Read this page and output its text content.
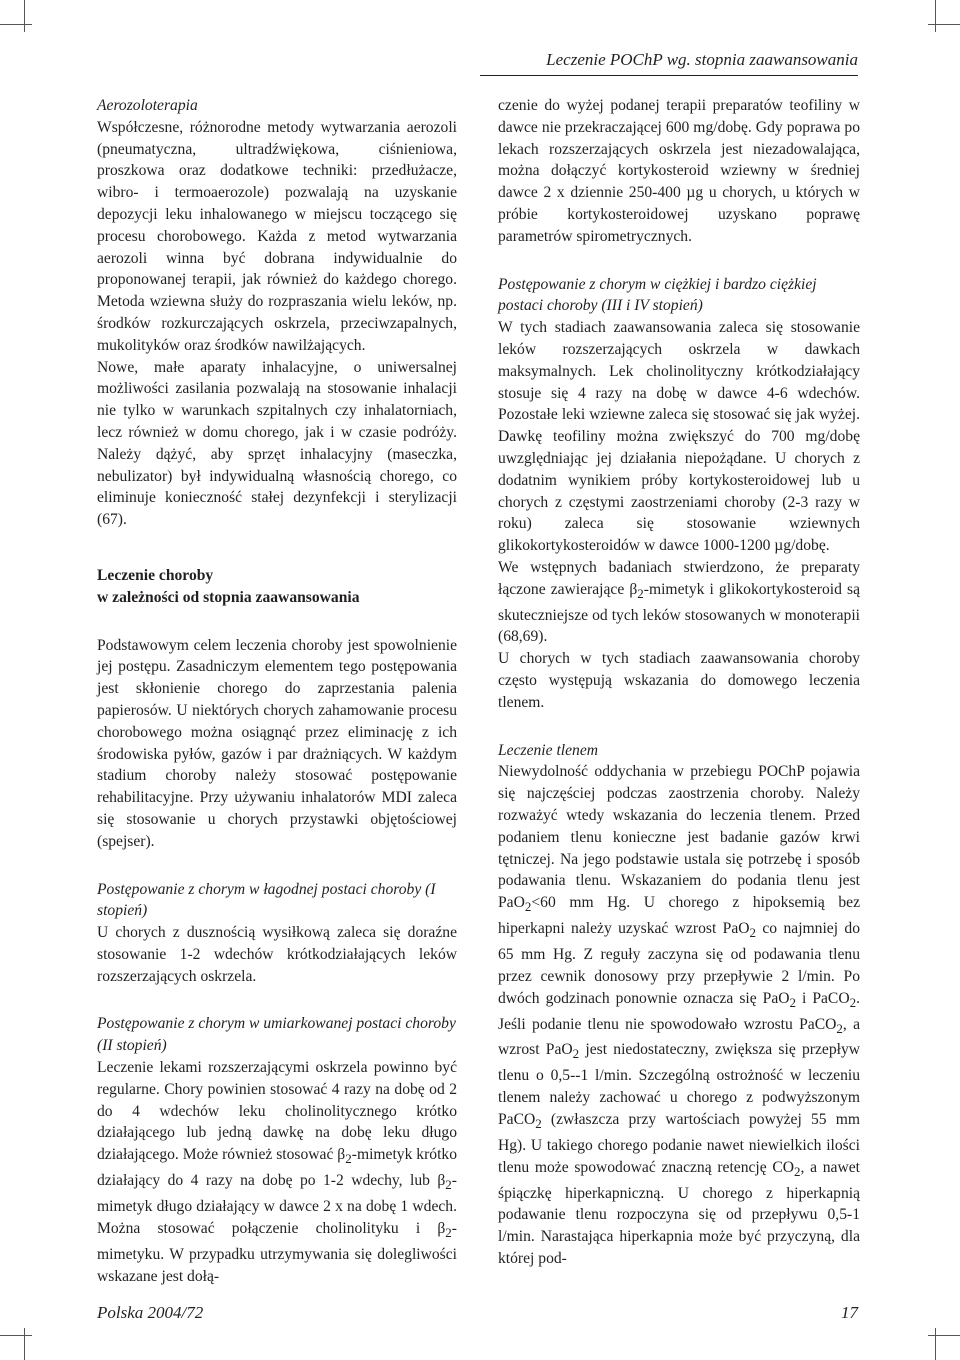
Leczenie POChP wg. stopnia zaawansowania
Aerozoloterapia

Współczesne, różnorodne metody wytwarzania aerozoli (pneumatyczna, ultradźwiękowa, ciśnieniowa, proszkowa oraz dodatkowe techniki: przedłużacze, wibro- i termoaerozole) pozwalają na uzyskanie depozycji leku inhalowanego w miejscu toczącego się procesu chorobowego. Każda z metod wytwarzania aerozoli winna być dobrana indywidualnie do proponowanej terapii, jak również do każdego chorego. Metoda wziewna służy do rozpraszania wielu leków, np. środków rozkurczających oskrzela, przeciwzapalnych, mukolityków oraz środków nawilżających.

Nowe, małe aparaty inhalacyjne, o uniwersalnej możliwości zasilania pozwalają na stosowanie inhalacji nie tylko w warunkach szpitalnych czy inhalatorniach, lecz również w domu chorego, jak i w czasie podróży. Należy dążyć, aby sprzęt inhalacyjny (maseczka, nebulizator) był indywidualną własnością chorego, co eliminuje konieczność stałej dezynfekcji i sterylizacji (67).

Leczenie choroby
w zależności od stopnia zaawansowania

Podstawowym celem leczenia choroby jest spowolnienie jej postępu. Zasadniczym elementem tego postępowania jest skłonienie chorego do zaprzestania palenia papierosów. U niektórych chorych zahamowanie procesu chorobowego można osiągnąć przez eliminację z ich środowiska pyłów, gazów i par drażniących. W każdym stadium choroby należy stosować postępowanie rehabilitacyjne. Przy używaniu inhalatorów MDI zaleca się stosowanie u chorych przystawki objętościowej (spejser).

Postępowanie z chorym w łagodnej postaci choroby (I stopień)

U chorych z dusznością wysiłkową zaleca się doraźne stosowanie 1-2 wdechów krótkodziałających leków rozszerzających oskrzela.

Postępowanie z chorym w umiarkowanej postaci choroby (II stopień)

Leczenie lekami rozszerzającymi oskrzela powinno być regularne. Chory powinien stosować 4 razy na dobę od 2 do 4 wdechów leku cholinolitycznego krótko działającego lub jedną dawkę na dobę leku długo działającego. Może również stosować $\beta_2$-mimetyk krótko działający do 4 razy na dobę po 1-2 wdechy, lub $\beta_2$-mimetyk długo działający w dawce 2 x na dobę 1 wdech. Można stosować połączenie cholinolityku i $\beta_2$-mimetyku. W przypadku utrzymywania się dolegliwości wskazane jest dołą-

czenie do wyżej podanej terapii preparatów teofiliny w dawce nie przekraczającej 600 mg/dobę. Gdy poprawa po lekach rozszerzających oskrzela jest niezadowalająca, można dołączyć kortykosteroid wziewny w średniej dawce 2 x dziennie 250-400 µg u chorych, u których w próbie kortykosteroidowej uzyskano poprawę parametrów spirometrycznych.

Postępowanie z chorym w ciężkiej i bardzo ciężkiej postaci choroby (III i IV stopień)

W tych stadiach zaawansowania zaleca się stosowanie leków rozszerzających oskrzela w dawkach maksymalnych. Lek cholinolityczny krótkodziałający stosuje się 4 razy na dobę w dawce 4-6 wdechów. Pozostałe leki wziewne zaleca się stosować się jak wyżej. Dawkę teofiliny można zwiększyć do 700 mg/dobę uwzględniając jej działania niepożądane. U chorych z dodatnim wynikiem próby kortykosteroidowej lub u chorych z częstymi zaostrzeniami choroby (2-3 razy w roku) zaleca się stosowanie wziewnych glikokortykosteroidów w dawce 1000-1200 µg/dobę.

We wstępnych badaniach stwierdzono, że preparaty łączone zawierające $\beta_2$-mimetyk i glikokortykosteroid są skuteczniejsze od tych leków stosowanych w monoterapii (68,69).

U chorych w tych stadiach zaawansowania choroby często występują wskazania do domowego leczenia tlenem.

Leczenie tlenem

Niewydolność oddychania w przebiegu POChP pojawia się najczęściej podczas zaostrzenia choroby. Należy rozważyć wtedy wskazania do leczenia tlenem. Przed podaniem tlenu konieczne jest badanie gazów krwi tętniczej. Na jego podstawie ustala się potrzebę i sposób podawania tlenu. Wskazaniem do podania tlenu jest PaO$_2$<60 mm Hg. U chorego z hipoksemią bez hiperkapni należy uzyskać wzrost PaO$_2$ co najmniej do 65 mm Hg. Z reguły zaczyna się od podawania tlenu przez cewnik donosowy przy przepływie 2 l/min. Po dwóch godzinach ponownie oznacza się PaO$_2$ i PaCO$_2$. Jeśli podanie tlenu nie spowodowało wzrostu PaCO$_2$, a wzrost PaO$_2$ jest niedostateczny, zwiększa się przepływ tlenu o 0,5--1 l/min. Szczególną ostrożność w leczeniu tlenem należy zachować u chorego z podwyższonym PaCO$_2$ (zwłaszcza przy wartościach powyżej 55 mm Hg). U takiego chorego podanie nawet niewielkich ilości tlenu może spowodować znaczną retencję $CO_2$, a nawet śpiączkę hiperkapniczną. U chorego z hiperkapnią podawanie tlenu rozpoczyna się od przepływu 0,5-1 l/min. Narastająca hiperkapnia może być przyczyną, dla której pod-

Polska 2004/72	17
